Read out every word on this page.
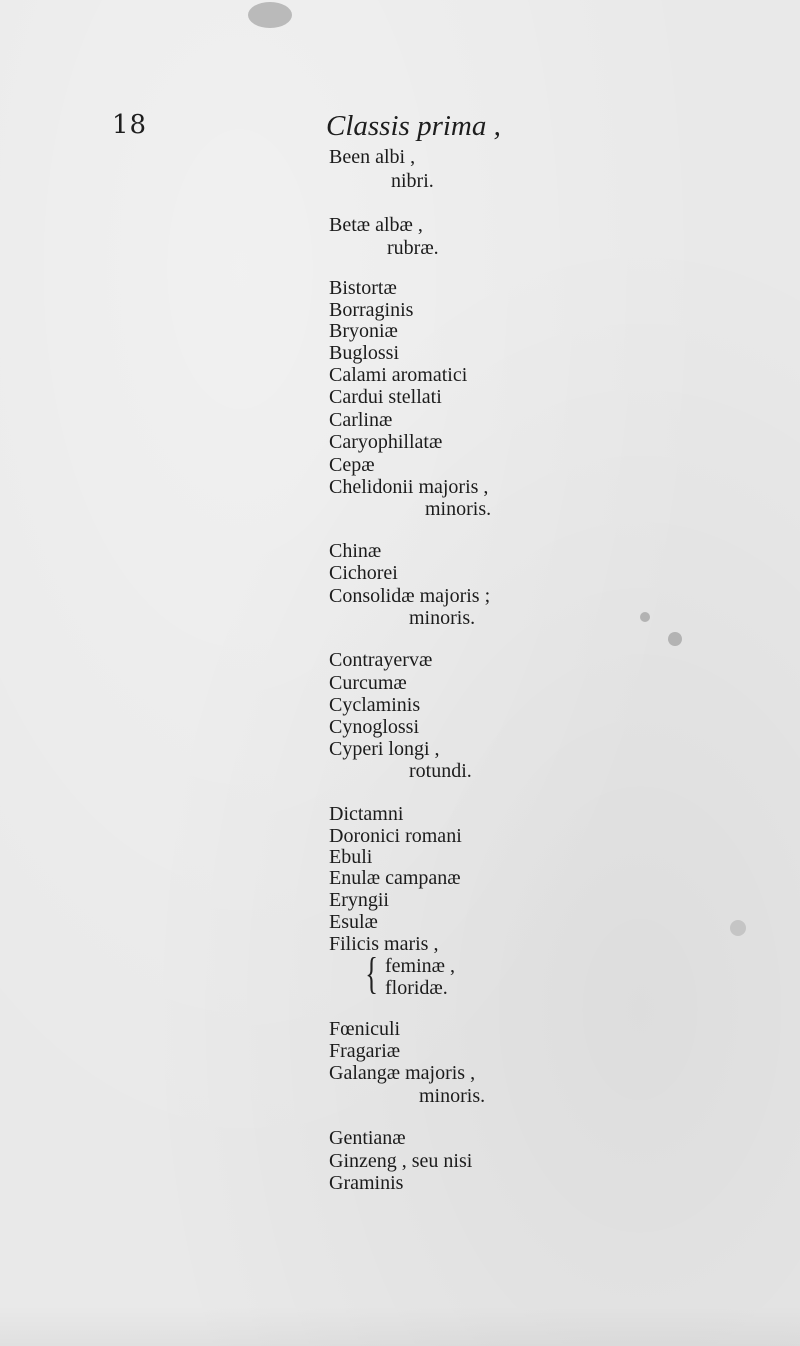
18	Classis prima ,
Been albi ,
nibri.
Betæ albæ ,
rubræ.
Bistortæ
Borraginis
Bryoniæ
Buglossi
Calami aromatici
Cardui stellati
Carlinæ
Caryophillatæ
Cepæ
Chelidonii majoris ,
minoris.
Chinæ
Cichorei
Consolidæ majoris ;
minoris.
Contrayervæ
Curcumæ
Cyclaminis
Cynoglossi
Cyperi longi ,
rotundi.
Dictamni
Doronici romani
Ebuli
Enulæ campanæ
Eryngii
Esulæ
Filicis maris ,
{ feminæ ,
floridæ.
Fœniculi
Fragariæ
Galangæ majoris ,
minoris.
Gentianæ
Ginzeng , seu nisi
Graminis
